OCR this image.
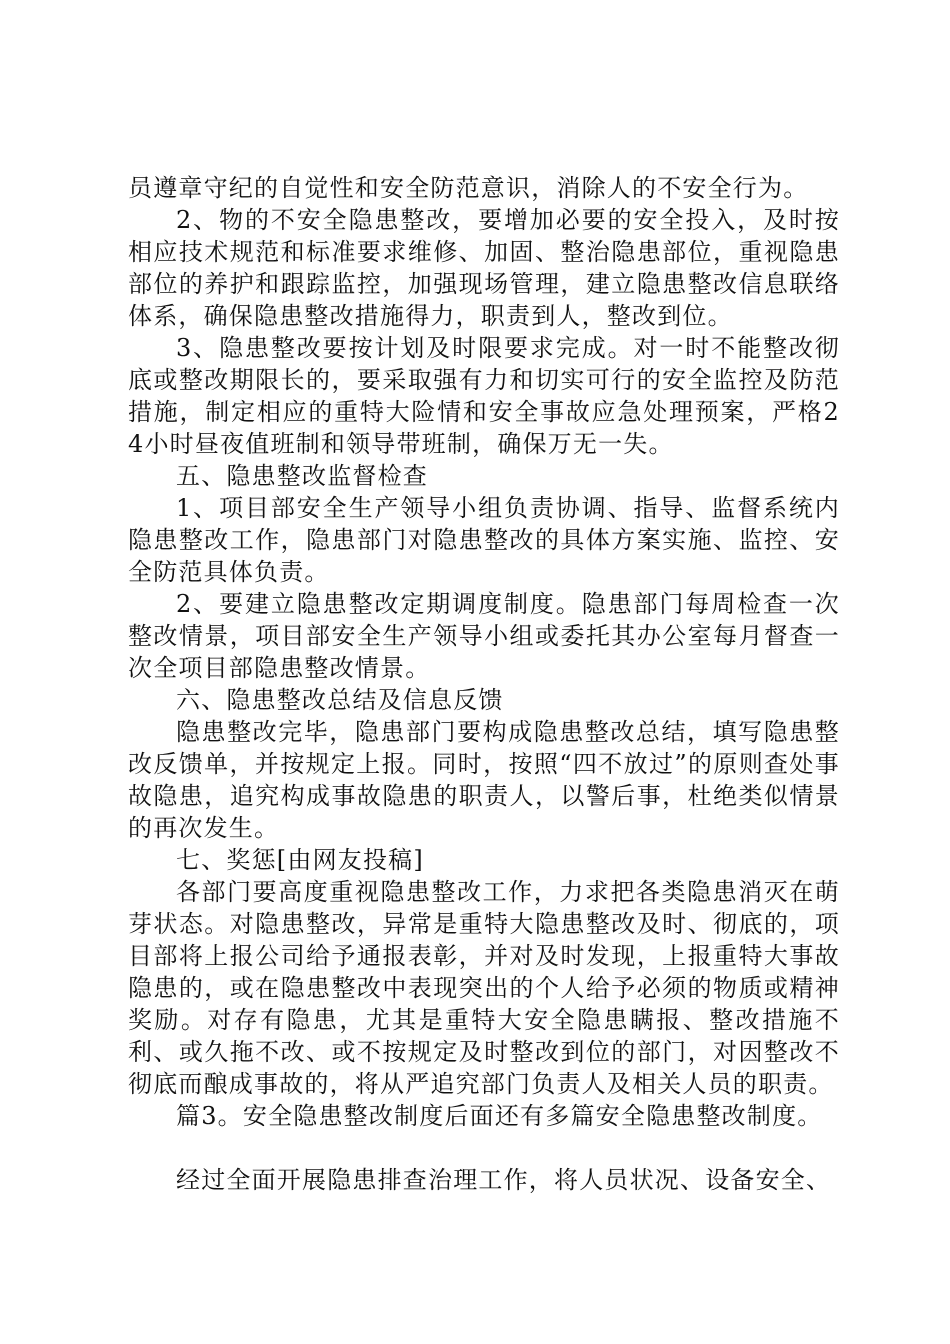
员遵章守纪的自觉性和安全防范意识，消除人的不安全行为。

2、物的不安全隐患整改，要增加必要的安全投入，及时按相应技术规范和标准要求维修、加固、整治隐患部位，重视隐患部位的养护和跟踪监控，加强现场管理，建立隐患整改信息联络体系，确保隐患整改措施得力，职责到人，整改到位。

3、隐患整改要按计划及时限要求完成。对一时不能整改彻底或整改期限长的，要采取强有力和切实可行的安全监控及防范措施，制定相应的重特大险情和安全事故应急处理预案，严格24小时昼夜值班制和领导带班制，确保万无一失。

五、隐患整改监督检查

1、项目部安全生产领导小组负责协调、指导、监督系统内隐患整改工作，隐患部门对隐患整改的具体方案实施、监控、安全防范具体负责。

2、要建立隐患整改定期调度制度。隐患部门每周检查一次整改情景，项目部安全生产领导小组或委托其办公室每月督查一次全项目部隐患整改情景。

六、隐患整改总结及信息反馈

隐患整改完毕，隐患部门要构成隐患整改总结，填写隐患整改反馈单，并按规定上报。同时，按照“四不放过”的原则查处事故隐患，追究构成事故隐患的职责人，以警后事，杜绝类似情景的再次发生。

七、奖惩[由网友投稿]

各部门要高度重视隐患整改工作，力求把各类隐患消灭在萌芽状态。对隐患整改，异常是重特大隐患整改及时、彻底的，项目部将上报公司给予通报表彰，并对及时发现，上报重特大事故隐患的，或在隐患整改中表现突出的个人给予必须的物质或精神奖励。对存有隐患，尤其是重特大安全隐患瞒报、整改措施不利、或久拖不改、或不按规定及时整改到位的部门，对因整改不彻底而酿成事故的，将从严追究部门负责人及相关人员的职责。

篇3。安全隐患整改制度后面还有多篇安全隐患整改制度。

经过全面开展隐患排查治理工作，将人员状况、设备安全、
